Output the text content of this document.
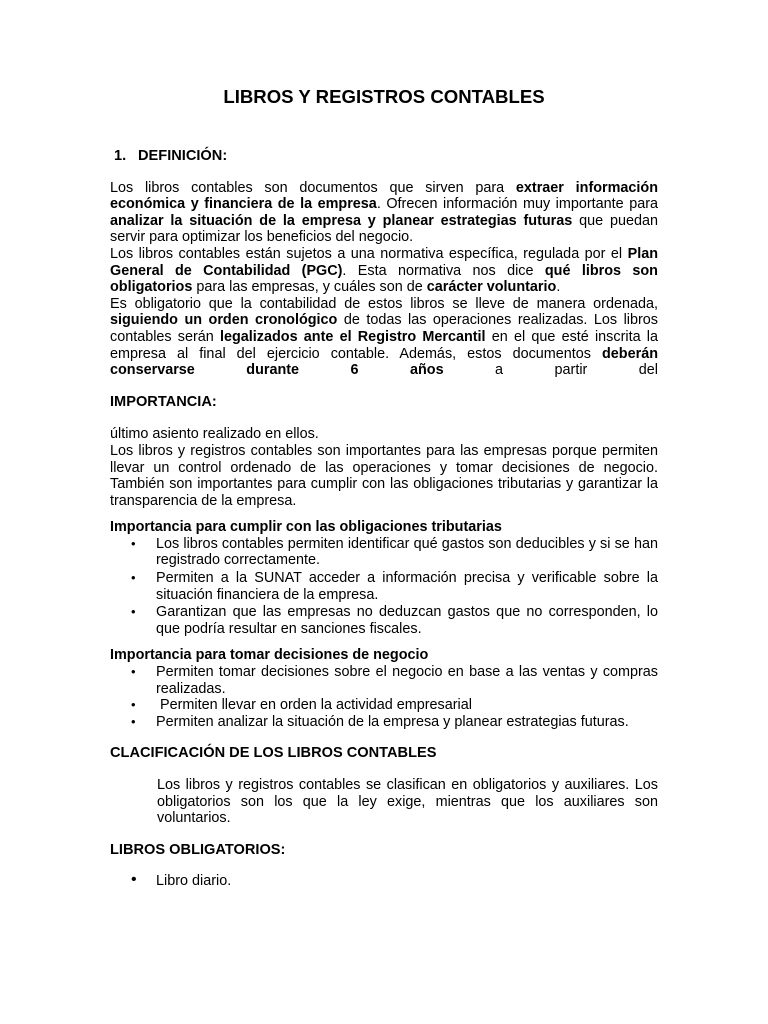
LIBROS Y REGISTROS CONTABLES
1. DEFINICIÓN:

Los libros contables son documentos que sirven para extraer información económica y financiera de la empresa. Ofrecen información muy importante para analizar la situación de la empresa y planear estrategias futuras que puedan servir para optimizar los beneficios del negocio.

Los libros contables están sujetos a una normativa específica, regulada por el Plan General de Contabilidad (PGC). Esta normativa nos dice qué libros son obligatorios para las empresas, y cuáles son de carácter voluntario.

Es obligatorio que la contabilidad de estos libros se lleve de manera ordenada, siguiendo un orden cronológico de todas las operaciones realizadas. Los libros contables serán legalizados ante el Registro Mercantil en el que esté inscrita la empresa al final del ejercicio contable. Además, estos documentos deberán conservarse durante 6 años a partir del

IMPORTANCIA:

último asiento realizado en ellos.

Los libros y registros contables son importantes para las empresas porque permiten llevar un control ordenado de las operaciones y tomar decisiones de negocio. También son importantes para cumplir con las obligaciones tributarias y garantizar la transparencia de la empresa.

Importancia para cumplir con las obligaciones tributarias
• Los libros contables permiten identificar qué gastos son deducibles y si se han registrado correctamente.
• Permiten a la SUNAT acceder a información precisa y verificable sobre la situación financiera de la empresa.
• Garantizan que las empresas no deduzcan gastos que no corresponden, lo que podría resultar en sanciones fiscales.
Importancia para tomar decisiones de negocio
• Permiten tomar decisiones sobre el negocio en base a las ventas y compras realizadas.
• Permiten llevar en orden la actividad empresarial
• Permiten analizar la situación de la empresa y planear estrategias futuras.
CLACIFICACIÓN DE LOS LIBROS CONTABLES

Los libros y registros contables se clasifican en obligatorios y auxiliares. Los obligatorios son los que la ley exige, mientras que los auxiliares son voluntarios.

LIBROS OBLIGATORIOS:
• Libro diario.
